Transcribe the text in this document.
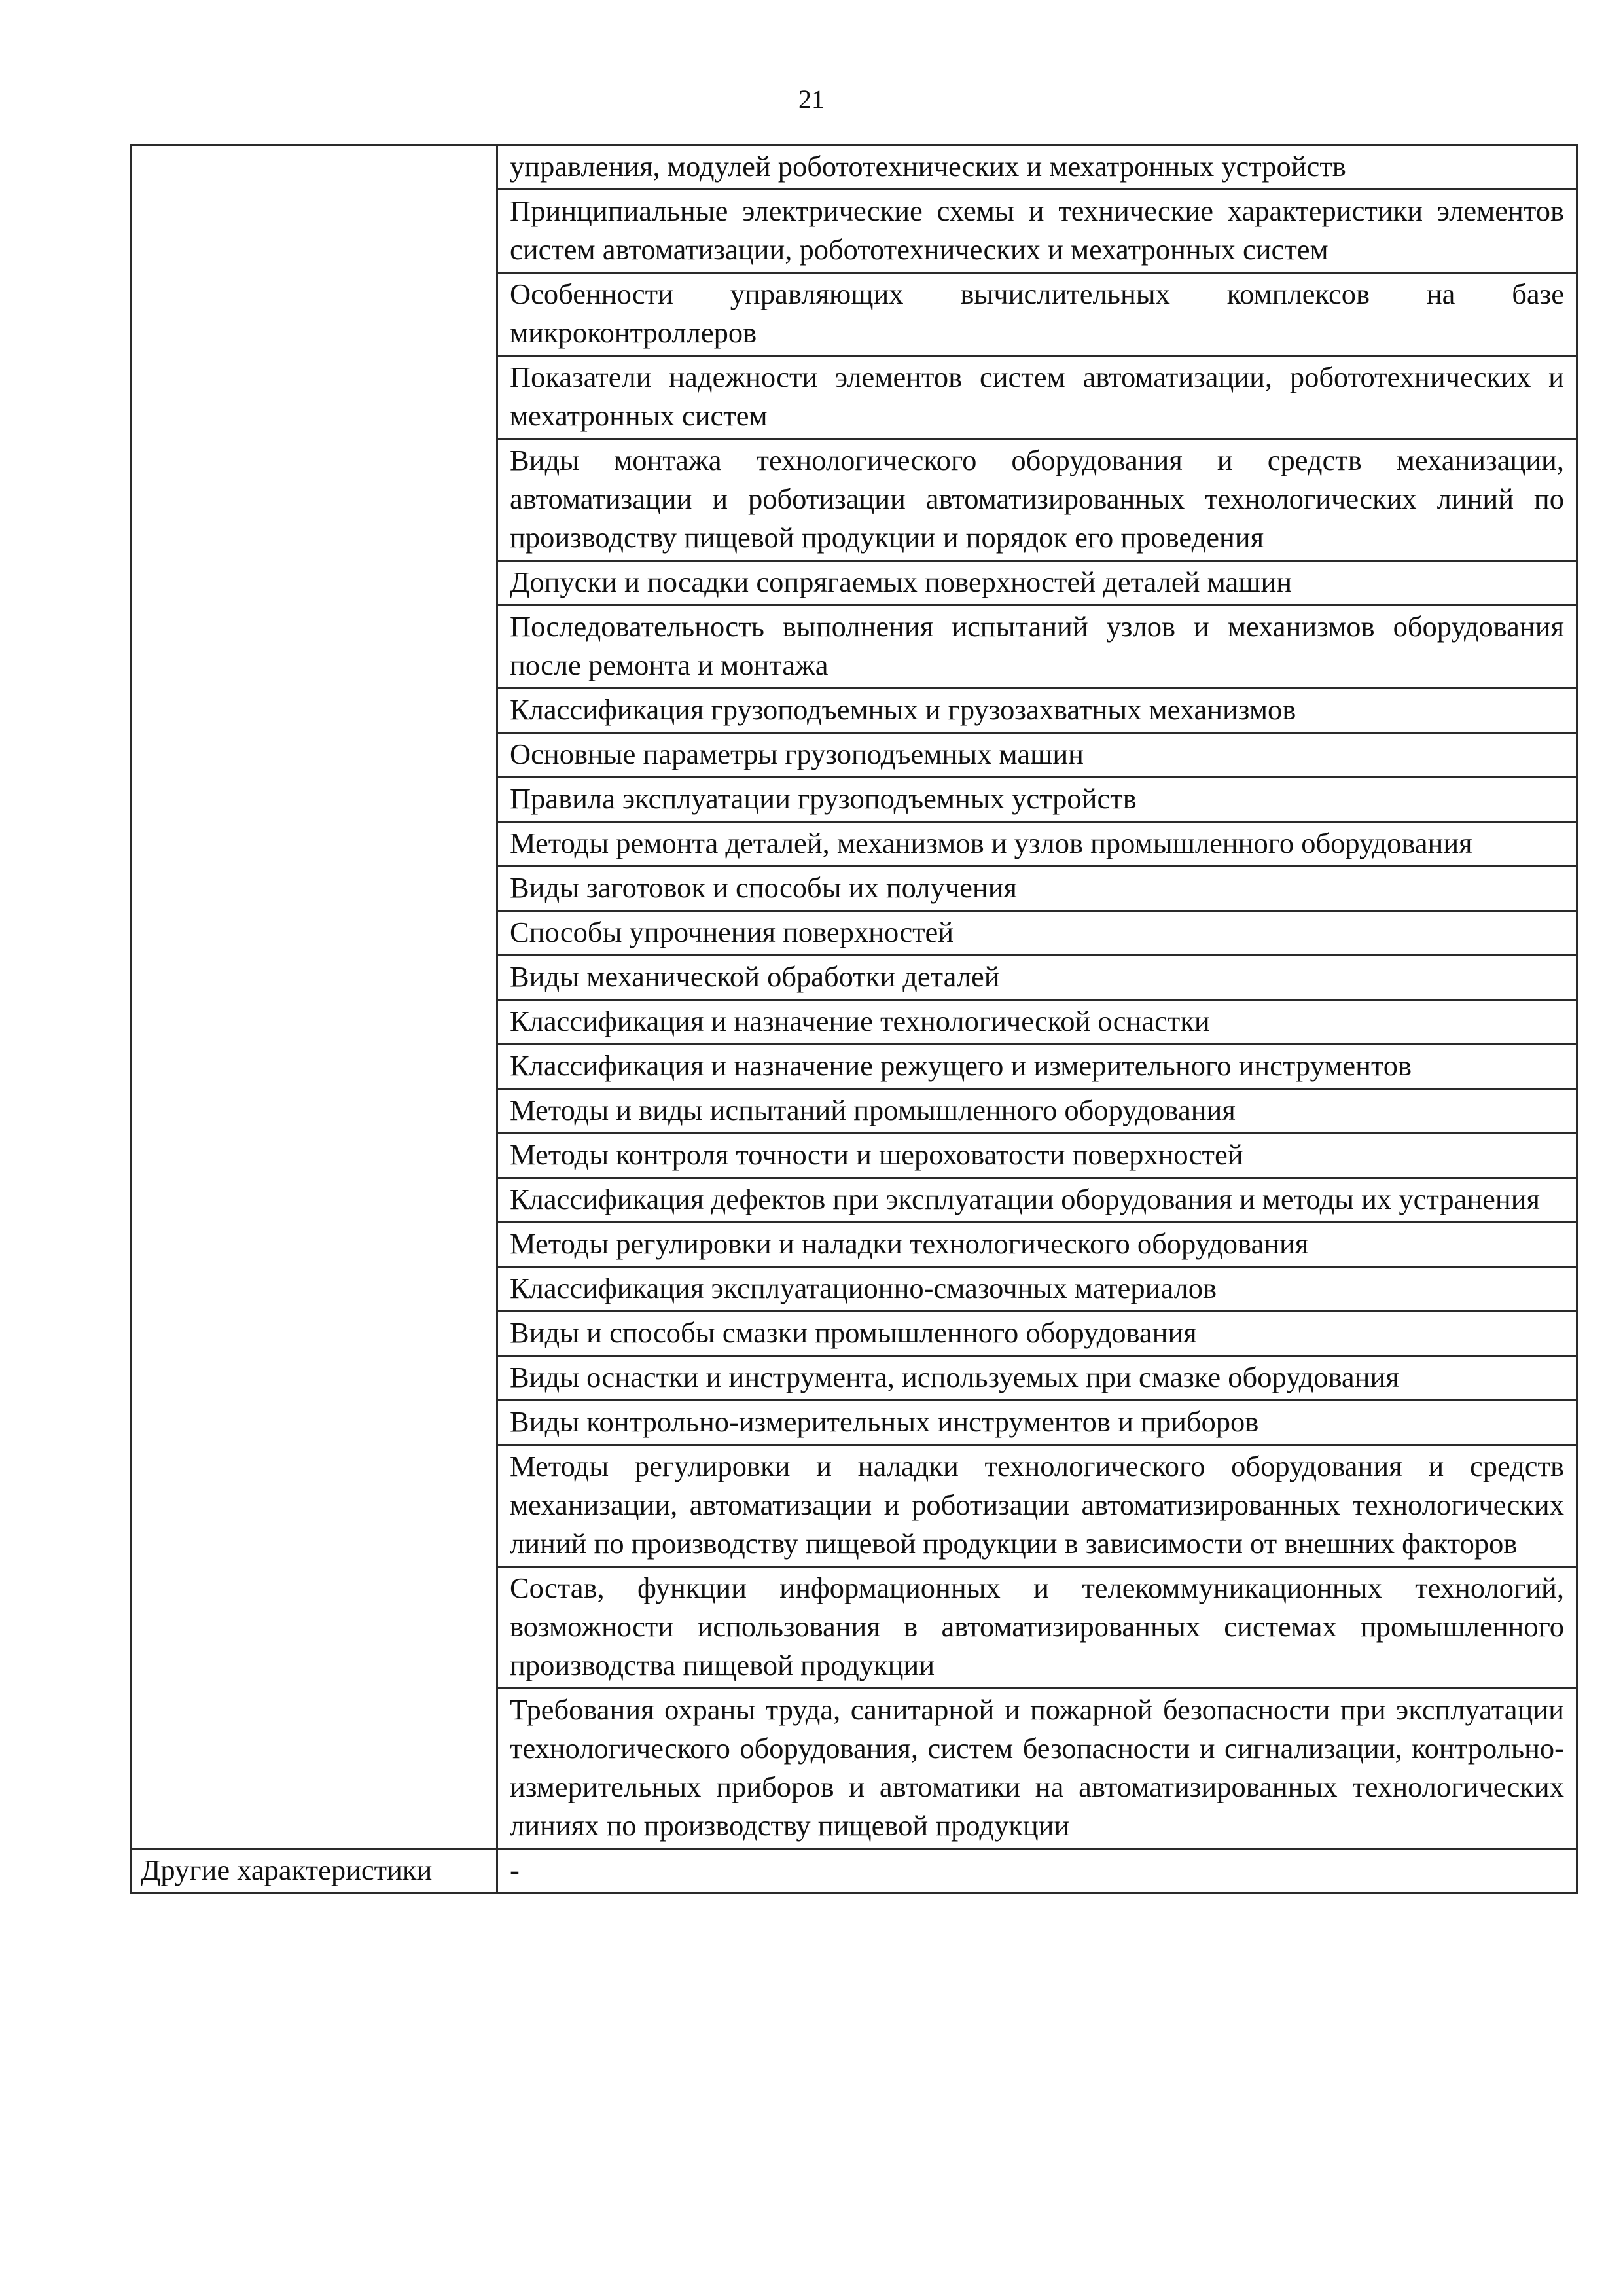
21
	управления, модулей робототехнических и мехатронных устройств
	Принципиальные электрические схемы и технические характеристики элементов систем автоматизации, робототехнических и мехатронных систем
	Особенности управляющих вычислительных комплексов на базе микроконтроллеров
	Показатели надежности элементов систем автоматизации, робототехнических и мехатронных систем
	Виды монтажа технологического оборудования и средств механизации, автоматизации и роботизации автоматизированных технологических линий по производству пищевой продукции и порядок его проведения
	Допуски и посадки сопрягаемых поверхностей деталей машин
	Последовательность выполнения испытаний узлов и механизмов оборудования после ремонта и монтажа
	Классификация грузоподъемных и грузозахватных механизмов
	Основные параметры грузоподъемных машин
	Правила эксплуатации грузоподъемных устройств
	Методы ремонта деталей, механизмов и узлов промышленного оборудования
	Виды заготовок и способы их получения
	Способы упрочнения поверхностей
	Виды механической обработки деталей
	Классификация и назначение технологической оснастки
	Классификация и назначение режущего и измерительного инструментов
	Методы и виды испытаний промышленного оборудования
	Методы контроля точности и шероховатости поверхностей
	Классификация дефектов при эксплуатации оборудования и методы их устранения
	Методы регулировки и наладки технологического оборудования
	Классификация эксплуатационно-смазочных материалов
	Виды и способы смазки промышленного оборудования
	Виды оснастки и инструмента, используемых при смазке оборудования
	Виды контрольно-измерительных инструментов и приборов
	Методы регулировки и наладки технологического оборудования и средств механизации, автоматизации и роботизации автоматизированных технологических линий по производству пищевой продукции в зависимости от внешних факторов
	Состав, функции информационных и телекоммуникационных технологий, возможности использования в автоматизированных системах промышленного производства пищевой продукции
	Требования охраны труда, санитарной и пожарной безопасности при эксплуатации технологического оборудования, систем безопасности и сигнализации, контрольно-измерительных приборов и автоматики на автоматизированных технологических линиях по производству пищевой продукции
Другие характеристики	-
